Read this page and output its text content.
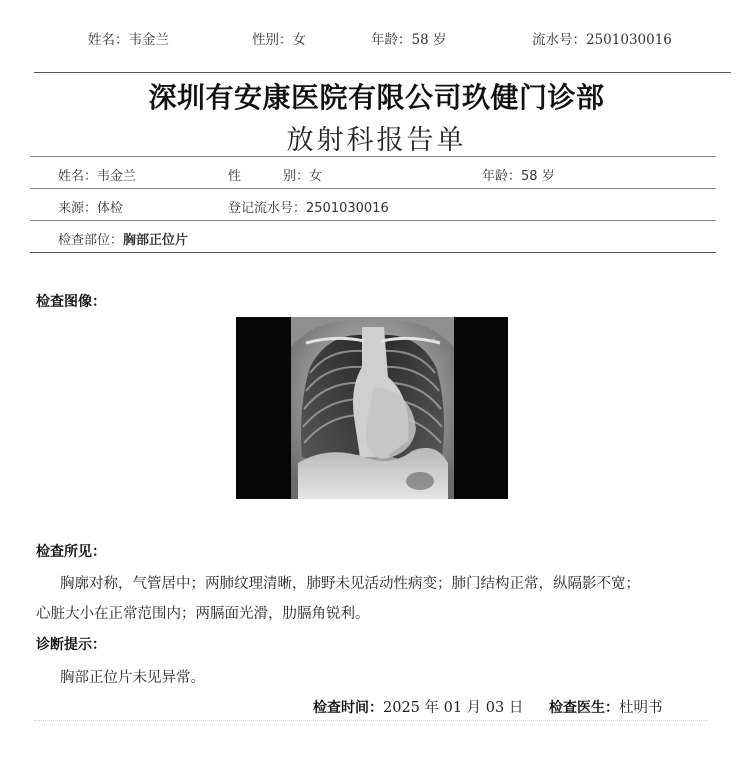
姓名：韦金兰	性别：女	年龄：58 岁	流水号：2501030016
深圳有安康医院有限公司玖健门诊部
放射科报告单
姓名：韦金兰	性	别：女	年龄：58 岁
来源：体检	登记流水号：2501030016
检查部位：胸部正位片
检查图像：
L
检查所见：
胸廓对称，气管居中；两肺纹理清晰，肺野未见活动性病变；肺门结构正常，纵隔影不宽；
心脏大小在正常范围内；两膈面光滑，肋膈角锐利。
诊断提示：
胸部正位片未见异常。
检查时间：2025 年 01 月 03 日 检查医生：杜明书
